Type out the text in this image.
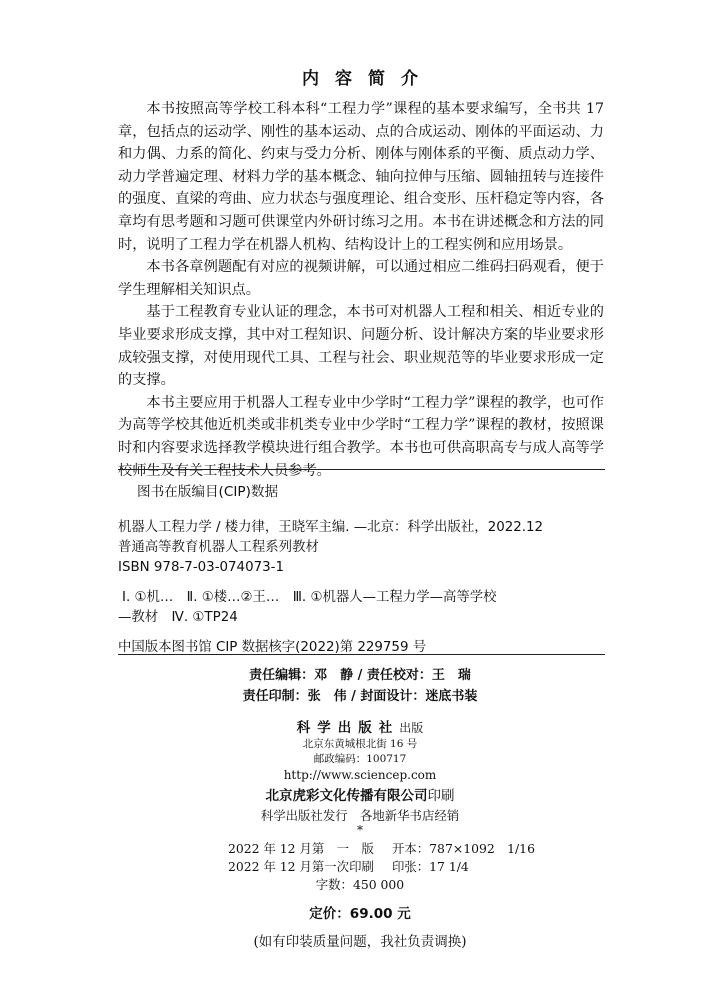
内容简介

本书按照高等学校工科本科“工程力学”课程的基本要求编写，全书共 17 章，包括点的运动学、刚性的基本运动、点的合成运动、刚体的平面运动、力和力偶、力系的简化、约束与受力分析、刚体与刚体系的平衡、质点动力学、动力学普遍定理、材料力学的基本概念、轴向拉伸与压缩、圆轴扭转与连接件的强度、直梁的弯曲、应力状态与强度理论、组合变形、压杆稳定等内容，各章均有思考题和习题可供课堂内外研讨练习之用。本书在讲述概念和方法的同时，说明了工程力学在机器人机构、结构设计上的工程实例和应用场景。

本书各章例题配有对应的视频讲解，可以通过相应二维码扫码观看，便于学生理解相关知识点。

基于工程教育专业认证的理念，本书可对机器人工程和相关、相近专业的毕业要求形成支撑，其中对工程知识、问题分析、设计解决方案的毕业要求形成较强支撑，对使用现代工具、工程与社会、职业规范等的毕业要求形成一定的支撑。

本书主要应用于机器人工程专业中少学时“工程力学”课程的教学，也可作为高等学校其他近机类或非机类专业中少学时“工程力学”课程的教材，按照课时和内容要求选择教学模块进行组合教学。本书也可供高职高专与成人高等学校师生及有关工程技术人员参考。

图书在版编目(CIP)数据
机器人工程力学 / 楼力律，王晓军主编. —北京：科学出版社，2022.12
普通高等教育机器人工程系列教材
ISBN 978-7-03-074073-1
Ⅰ. ①机…　Ⅱ. ①楼…②王…　Ⅲ. ①机器人—工程力学—高等学校
—教材　Ⅳ. ①TP24
中国版本图书馆 CIP 数据核字(2022)第 229759 号
责任编辑：邓　静 / 责任校对：王　瑞
责任印制：张　伟 / 封面设计：迷底书装
科学出版社出版
北京东黄城根北街 16 号
邮政编码：100717
http://www.sciencep.com
北京虎彩文化传播有限公司印刷
科学出版社发行　各地新华书店经销
*
2022 年 12 月第　一　版 开本：787×1092　1/16
2022 年 12 月第一次印刷 印张：17 1/4
字数：450 000
定价：69.00 元
(如有印装质量问题，我社负责调换)
